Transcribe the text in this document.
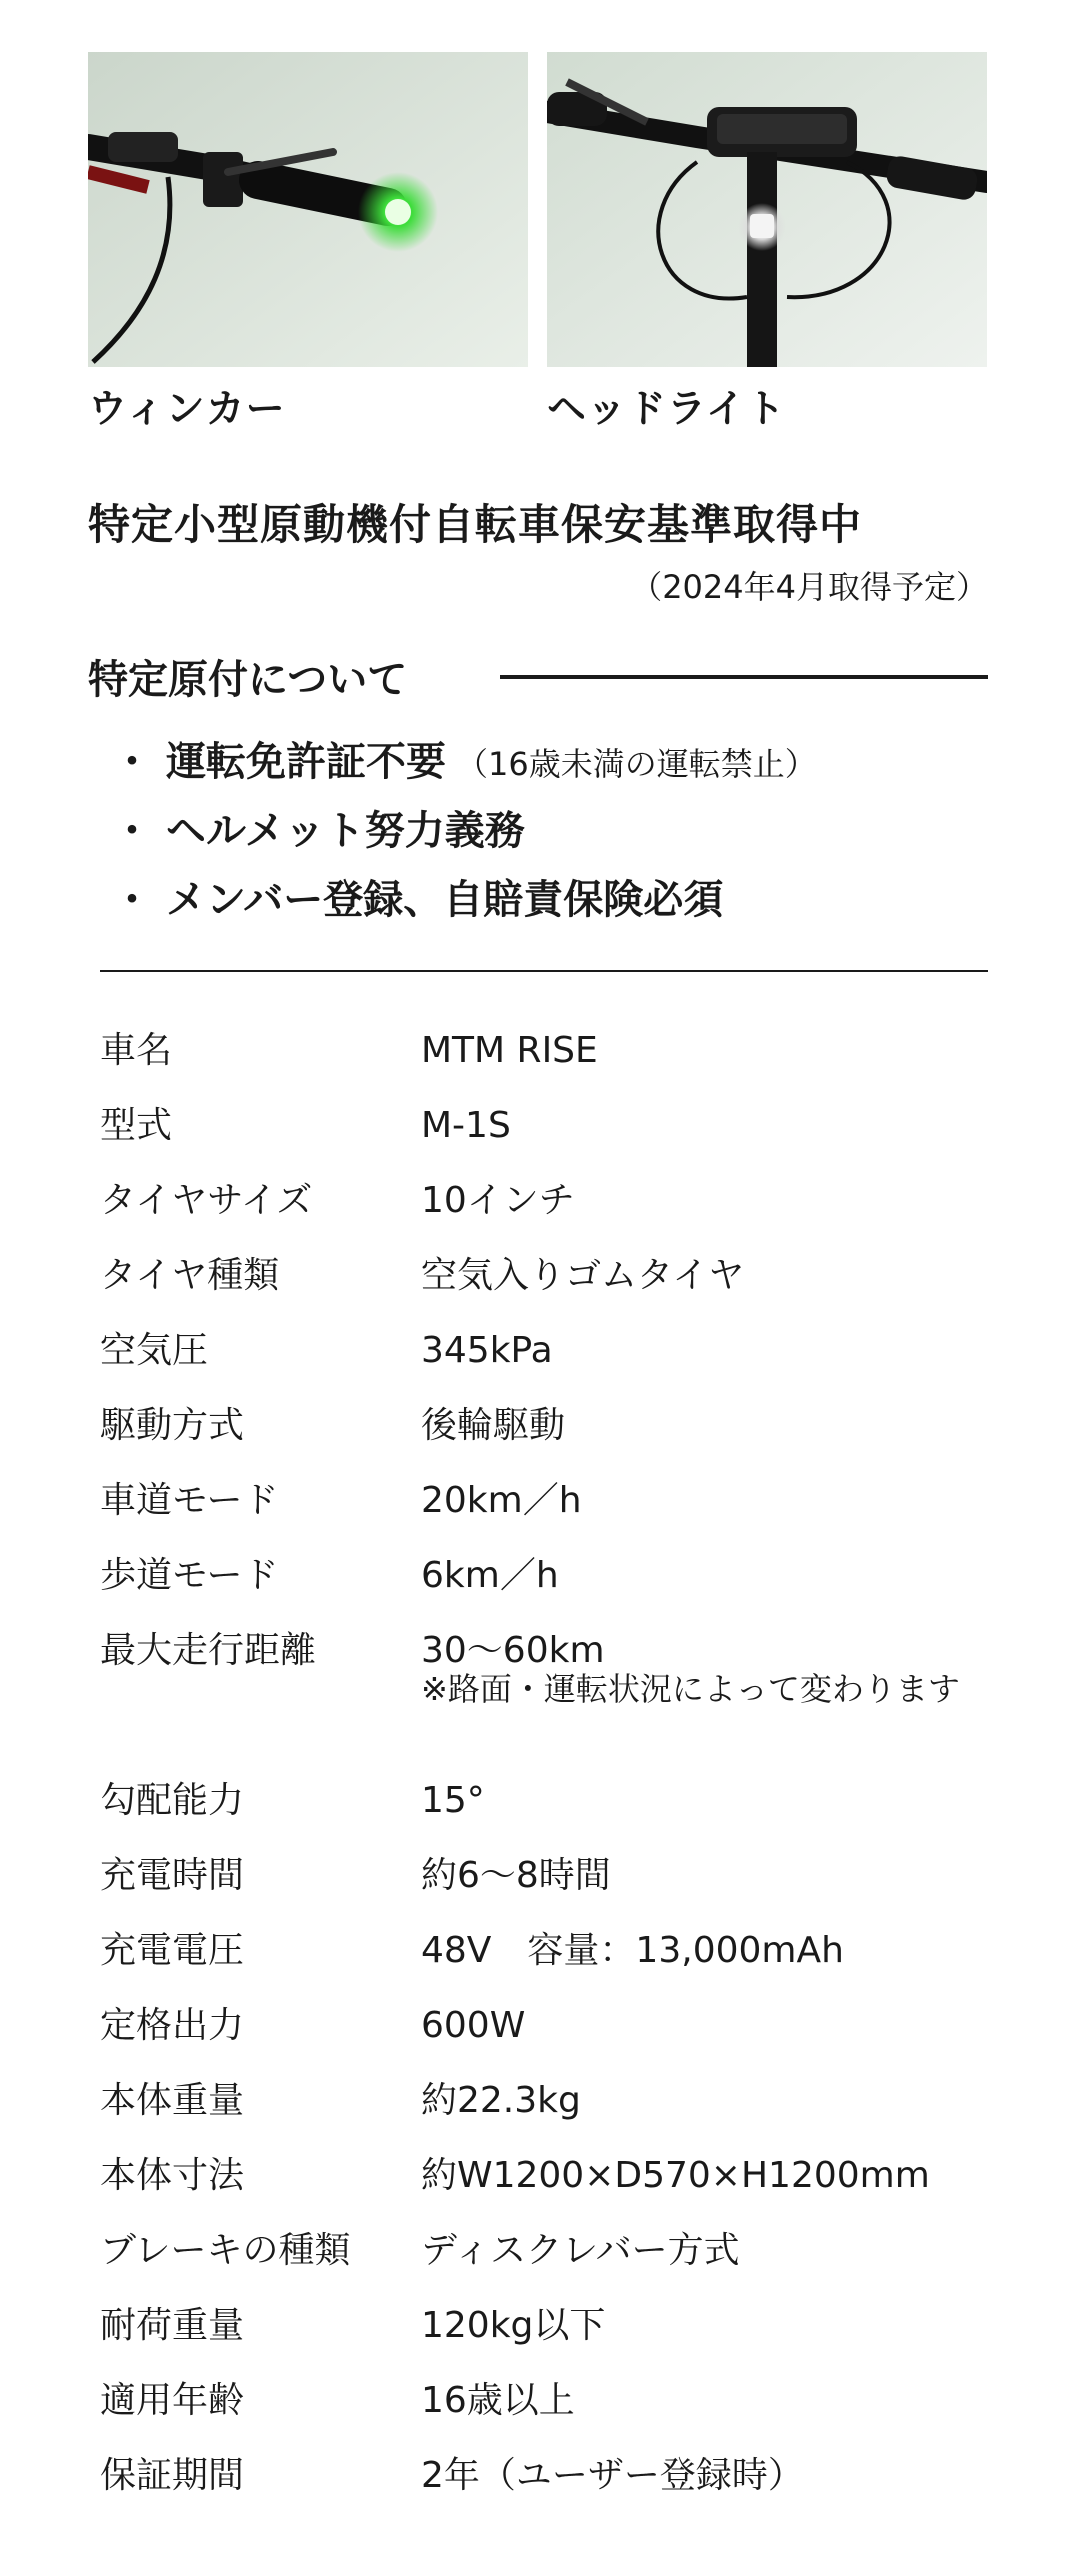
ウィンカー	ヘッドライト
特定小型原動機付自転車保安基準取得中
（2024年4月取得予定）
特定原付について
・ 運転免許証不要 （16歳未満の運転禁止）
・ ヘルメット努力義務
・ メンバー登録、自賠責保険必須
車名	MTM RISE
型式	M-1S
タイヤサイズ	10インチ
タイヤ種類	空気入りゴムタイヤ
空気圧	345kPa
駆動方式	後輪駆動
車道モード	20km／h
歩道モード	6km／h
最大走行距離	30〜60km
※路面・運転状況によって変わります
勾配能力	15°
充電時間	約6〜8時間
充電電圧	48V　容量：13,000mAh
定格出力	600W
本体重量	約22.3kg
本体寸法	約W1200×D570×H1200mm
ブレーキの種類	ディスクレバー方式
耐荷重量	120kg以下
適用年齢	16歳以上
保証期間	2年（ユーザー登録時）
